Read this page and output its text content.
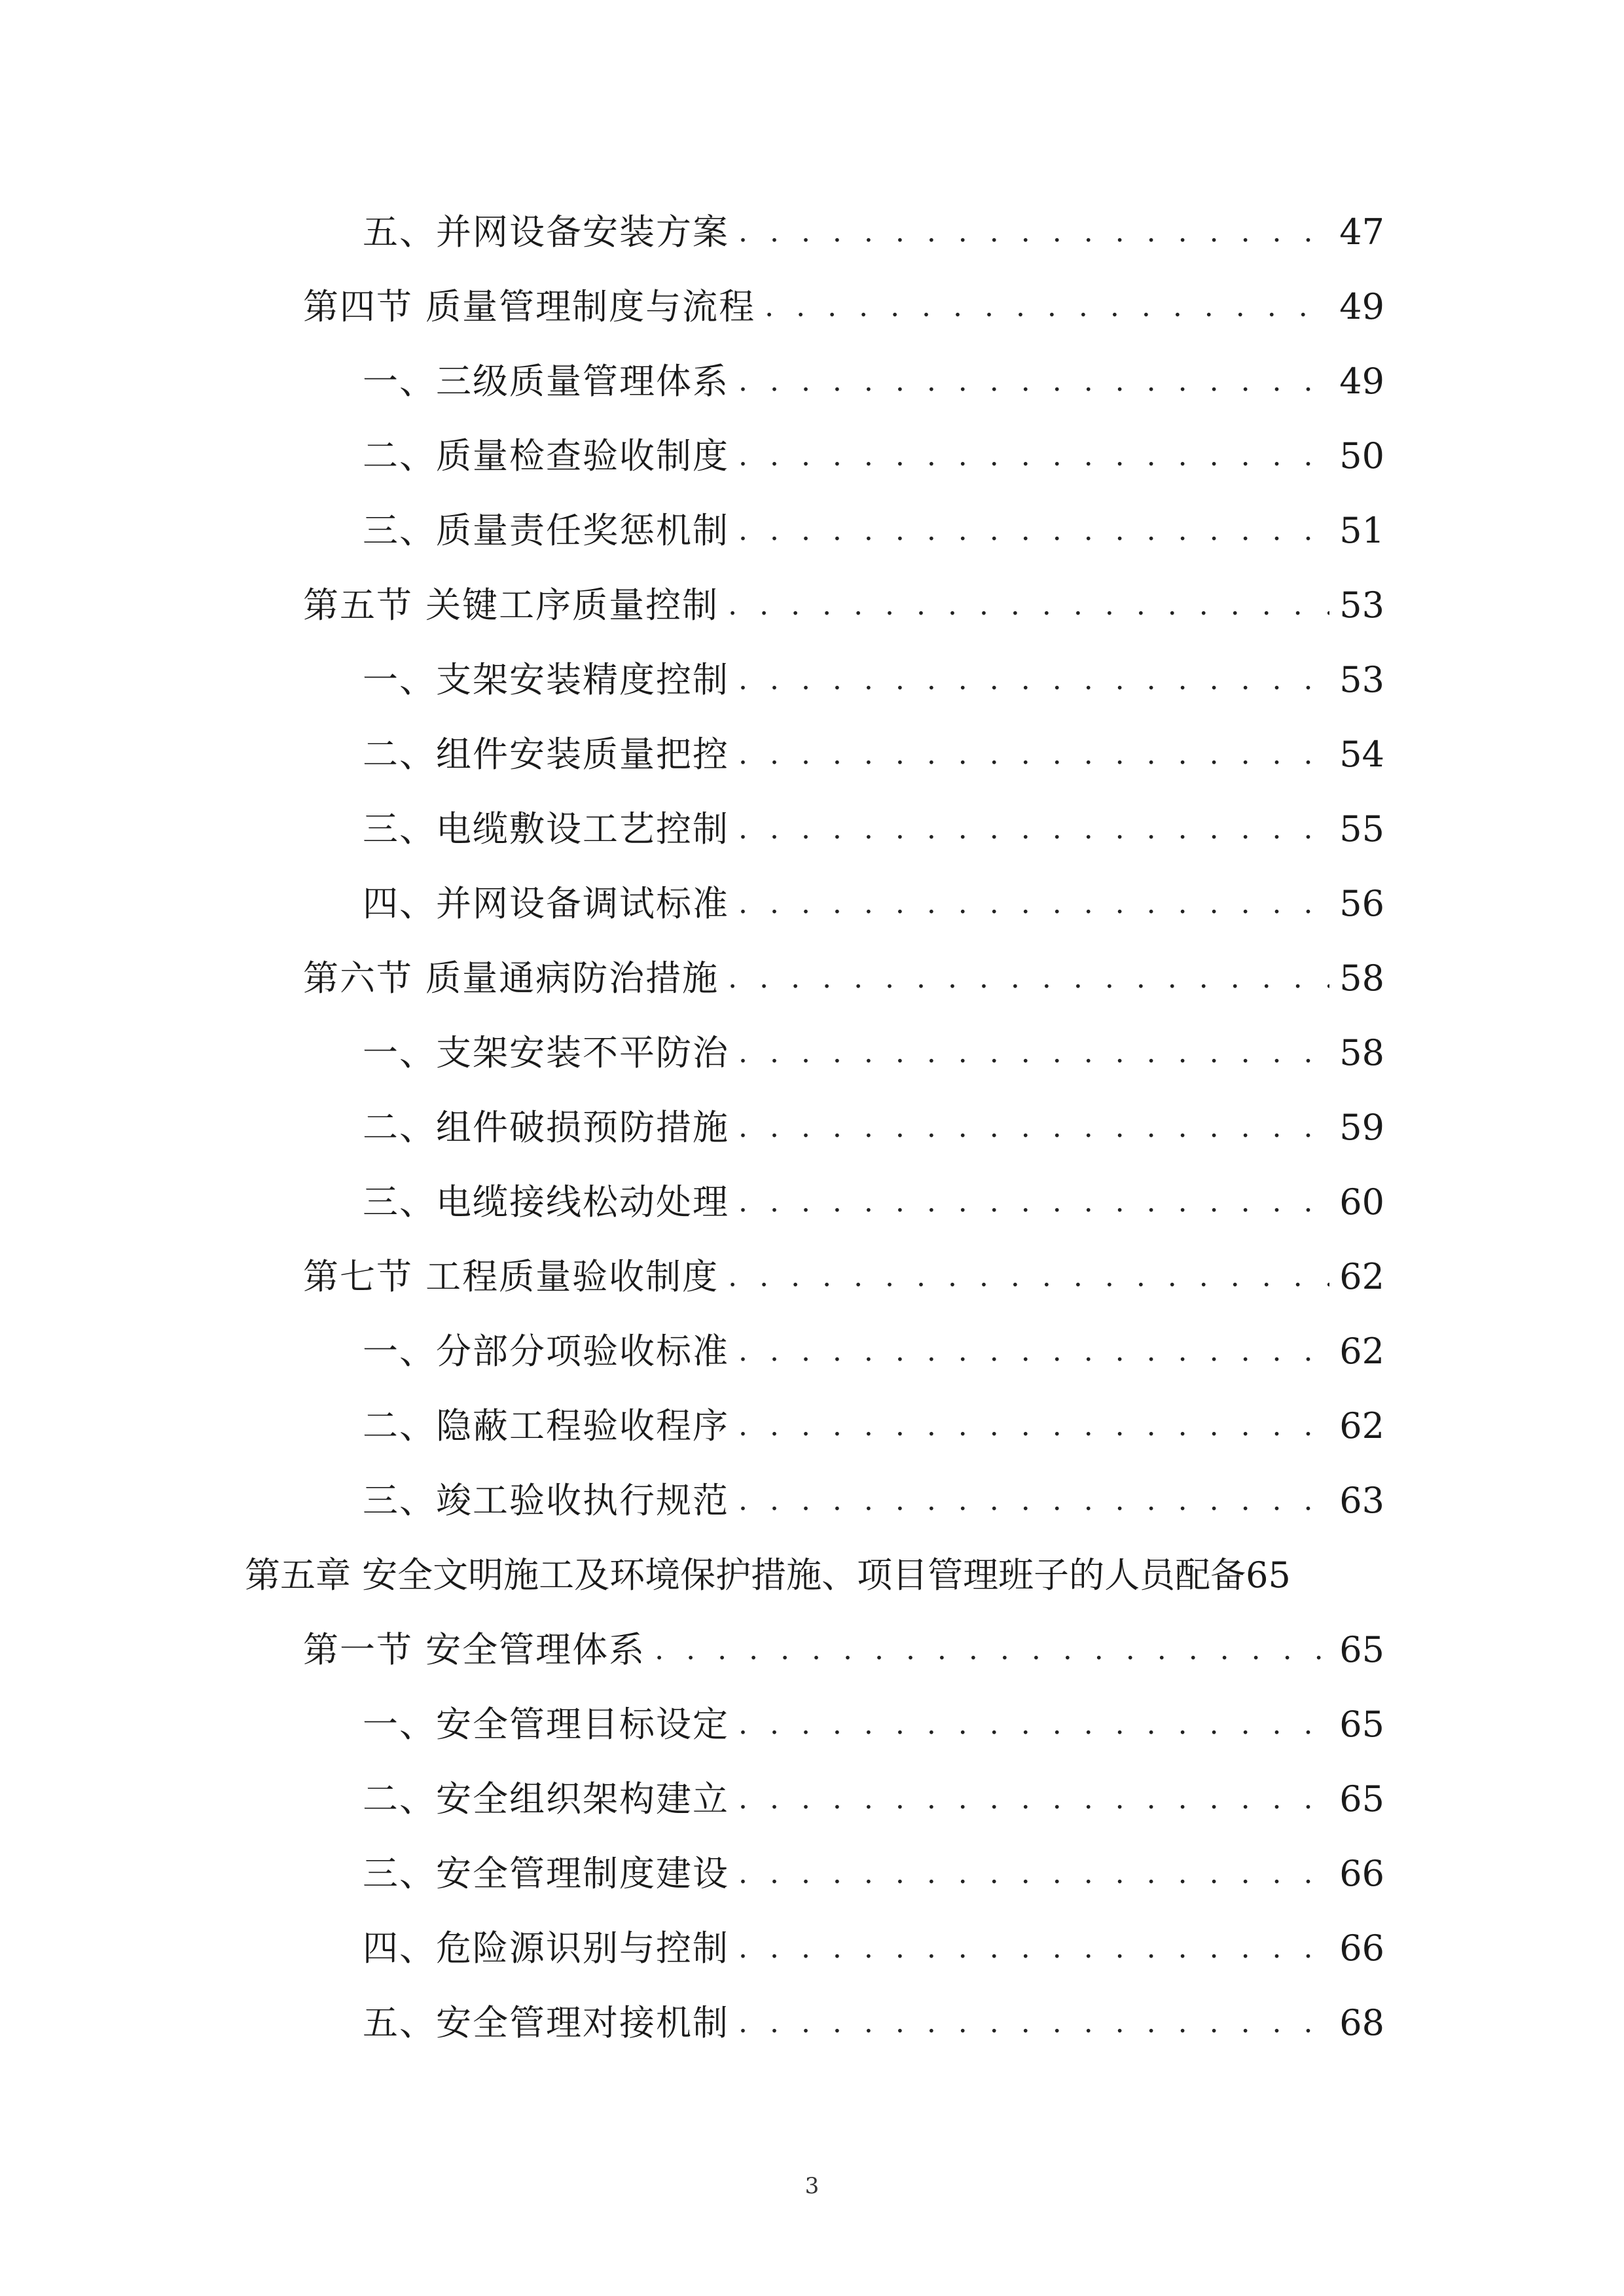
五、并网设备安装方案 . . .	47
第四节 质量管理制度与流程 . . .	49
一、三级质量管理体系 . . .	49
二、质量检查验收制度 . . .	50
三、质量责任奖惩机制 . . .	51
第五节 关键工序质量控制 . . .	53
一、支架安装精度控制 . . .	53
二、组件安装质量把控 . . .	54
三、电缆敷设工艺控制 . . .	55
四、并网设备调试标准 . . .	56
第六节 质量通病防治措施 . . .	58
一、支架安装不平防治 . . .	58
二、组件破损预防措施 . . .	59
三、电缆接线松动处理 . . .	60
第七节 工程质量验收制度 . . .	62
一、分部分项验收标准 . . .	62
二、隐蔽工程验收程序 . . .	62
三、竣工验收执行规范 . . .	63
第五章 安全文明施工及环境保护措施、项目管理班子的人员配备 65
第一节 安全管理体系 . . .	65
一、安全管理目标设定 . . .	65
二、安全组织架构建立 . . .	65
三、安全管理制度建设 . . .	66
四、危险源识别与控制 . . .	66
五、安全管理对接机制 . . .	68
3
